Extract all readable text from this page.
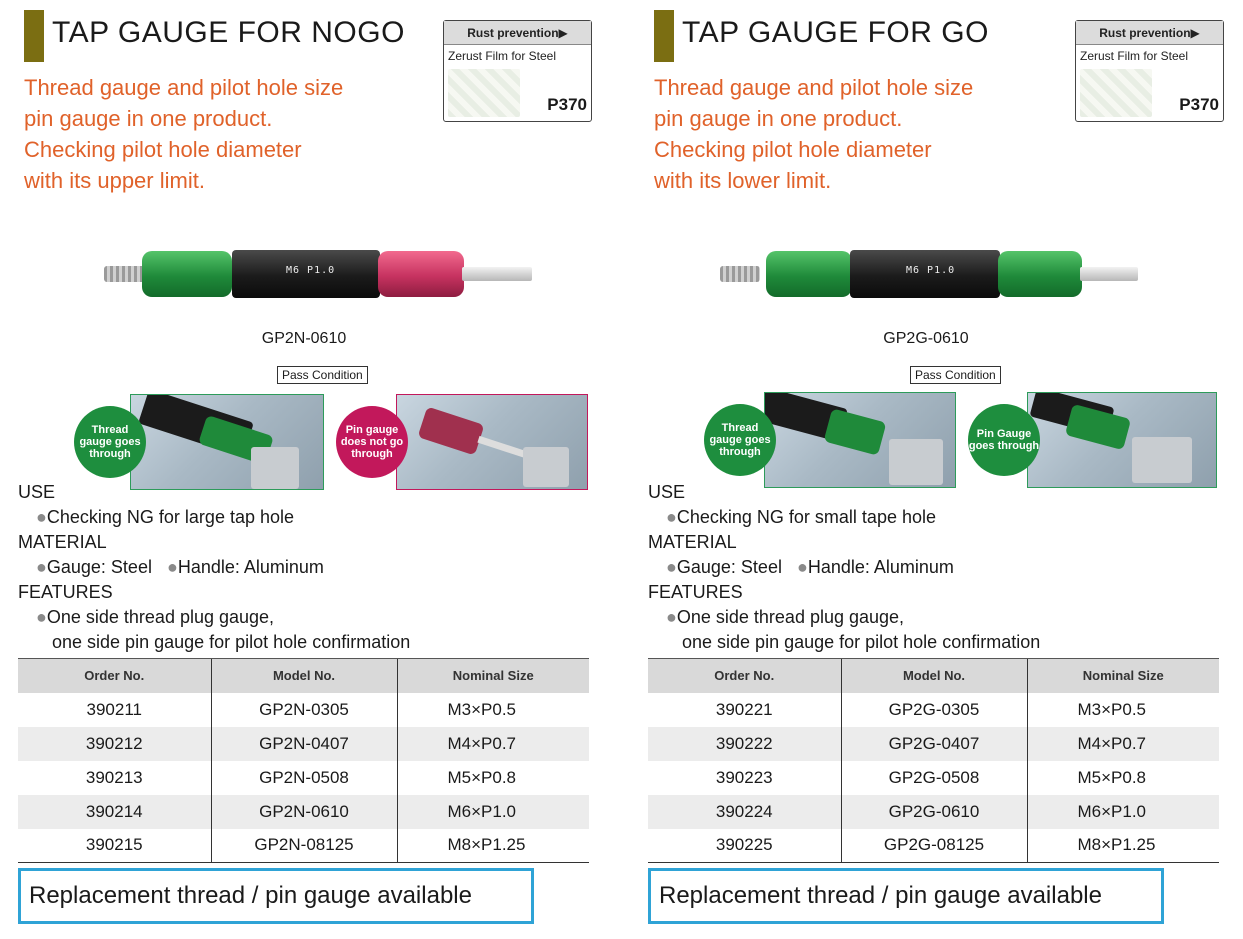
TAP GAUGE FOR NOGO
Thread gauge and pilot hole size
pin gauge in one product.
Checking pilot hole diameter
with its upper limit.
Rust prevention▶
Zerust Film for Steel
P370
M6 P1.0
GP2N-0610
Pass Condition
Thread gauge goes through
Pin gauge does not go through
USE
● Checking NG for large tap hole
MATERIAL
● Gauge: Steel ● Handle: Aluminum
FEATURES
● One side thread plug gauge,
one side pin gauge for pilot hole confirmation
Order No.	Model No.	Nominal Size
390211	GP2N-0305	M3×P0.5
390212	GP2N-0407	M4×P0.7
390213	GP2N-0508	M5×P0.8
390214	GP2N-0610	M6×P1.0
390215	GP2N-08125	M8×P1.25
Replacement thread / pin gauge available
TAP GAUGE FOR GO
Thread gauge and pilot hole size
pin gauge in one product.
Checking pilot hole diameter
with its lower limit.
Rust prevention▶
Zerust Film for Steel
P370
M6 P1.0
GP2G-0610
Pass Condition
Thread gauge goes through
Pin Gauge goes through
USE
● Checking NG for small tape hole
MATERIAL
● Gauge: Steel ● Handle: Aluminum
FEATURES
● One side thread plug gauge,
one side pin gauge for pilot hole confirmation
Order No.	Model No.	Nominal Size
390221	GP2G-0305	M3×P0.5
390222	GP2G-0407	M4×P0.7
390223	GP2G-0508	M5×P0.8
390224	GP2G-0610	M6×P1.0
390225	GP2G-08125	M8×P1.25
Replacement thread / pin gauge available
